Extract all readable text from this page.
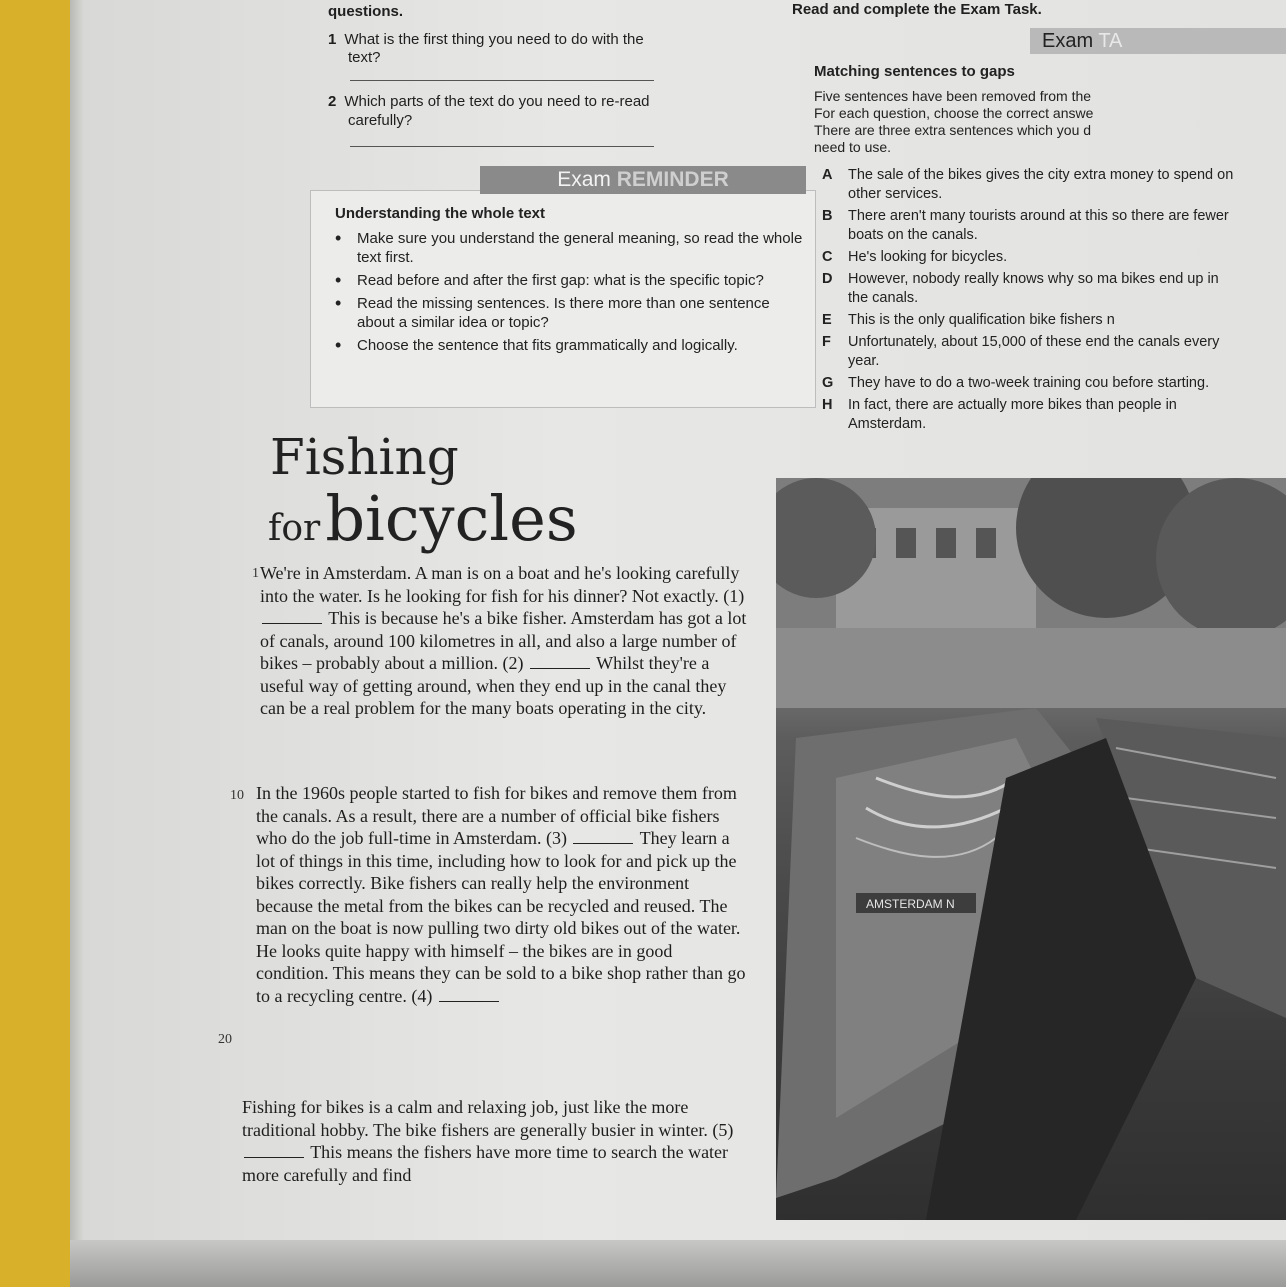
questions.	Read and complete the Exam Task.
1 What is the first thing you need to do with the
text?
2 Which parts of the text do you need to re-read
carefully?
Understanding the whole text
• Make sure you understand the general meaning, so read the whole text first.
• Read before and after the first gap: what is the specific topic?
• Read the missing sentences. Is there more than one sentence about a similar idea or topic?
• Choose the sentence that fits grammatically and logically.
Exam REMINDER
Exam TA
Matching sentences to gaps
Five sentences have been removed from the
For each question, choose the correct answe
There are three extra sentences which you d
need to use.
A The sale of the bikes gives the city extra money to spend on other services.
B There aren't many tourists around at this so there are fewer boats on the canals.
C He's looking for bicycles.
D However, nobody really knows why so ma bikes end up in the canals.
E This is the only qualification bike fishers n
F Unfortunately, about 15,000 of these end the canals every year.
G They have to do a two-week training cou before starting.
H In fact, there are actually more bikes than people in Amsterdam.
Fishing
for bicycles
AMSTERDAM N
1 We're in Amsterdam. A man is on a boat and he's looking carefully into the water. Is he looking for fish for his dinner? Not exactly. (1)  This is because he's a bike fisher. Amsterdam has got a lot of canals, around 100 kilometres in all, and also a large number of bikes – probably about a million. (2)	Whilst they're a useful way of getting around, when they end up in the canal they can be a real problem for the many boats operating in the city.
10 In the 1960s people started to fish for bikes and remove them from the canals. As a result, there are a number of official bike fishers who do the job full-time in Amsterdam. (3)	They learn a lot of things in this time, including how to look for and pick up the bikes correctly. Bike fishers can really help the environment because the metal from the bikes can be recycled and reused. The man on the boat is now pulling two dirty old bikes out of the water. He looks quite happy with himself – the bikes are in good condition. This means they can be sold to a bike shop rather than go to a recycling centre. (4)
20
Fishing for bikes is a calm and relaxing job, just like the more traditional hobby. The bike fishers are generally busier in winter. (5)  This means the fishers have more time to search the water more carefully and find
